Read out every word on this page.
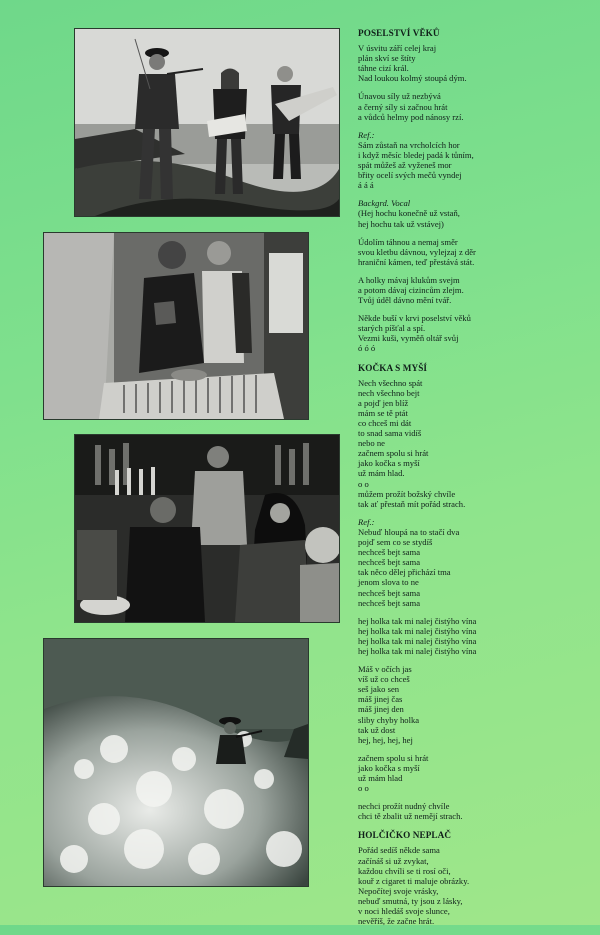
POSELSTVÍ VĚKŮ
V úsvitu září celej kraj
plán skví se štíty
táhne cizí král.
Nad loukou kolmý stoupá dým.
Únavou síly už nezbývá
a černý síly si začnou hrát
a vůdců helmy pod nánosy rzí.
Ref.:
Sám zůstaň na vrcholcích hor
i když měsíc bledej padá k tůním,
spát můžeš až vyženeš mor
břity ocelí svých mečů vyndej
á á á
Backgrd. Vocal
(Hej hochu konečně už vstaň,
hej hochu tak už vstávej)
Údolím táhnou a nemaj směr
svou kletbu dávnou, vylejzaj z děr
hraniční kámen, teď přestává stát.
A holky mávaj klukům svejm
a potom dávaj cizincům zlejm.
Tvůj úděl dávno mění tvář.
Někde buší v krvi poselství věků
starých píšťal a spí.
Vezmi kuši, vyměň oltář svůj
ó ó ó
KOČKA S MYŠÍ
Nech všechno spát
nech všechno bejt
a pojď jen blíž
mám se tě ptát
co chceš mi dát
to snad sama vidíš
nebo ne
začnem spolu si hrát
jako kočka s myší
už mám hlad.
o o
můžem prožít božský chvíle
tak ať přestaň mít pořád strach.
Ref.:
Nebuď hloupá na to stačí dva
pojď sem co se stydíš
nechceš bejt sama
nechceš bejt sama
tak něco dělej přichází tma
jenom slova to ne
nechceš bejt sama
nechceš bejt sama
hej holka tak mi nalej čistýho vína
hej holka tak mi nalej čistýho vína
hej holka tak mi nalej čistýho vína
hej holka tak mi nalej čistýho vína
Máš v očích jas
víš už co chceš
seš jako sen
máš jinej čas
máš jinej den
sliby chyby holka
tak už dost
hej, hej, hej, hej
začnem spolu si hrát
jako kočka s myší
už mám hlad
o o
nechci prožít nudný chvíle
chci tě zbalit už nemějí strach.
HOLČIČKO NEPLAČ
Pořád sedíš někde sama
začínáš si už zvykat,
každou chvíli se ti rosí oči,
kouř z cigaret ti maluje obrázky.
Nepočítej svoje vrásky,
nebuď smutná, ty jsou z lásky,
v noci hledáš svoje slunce,
nevěříš, že začne hrát.
